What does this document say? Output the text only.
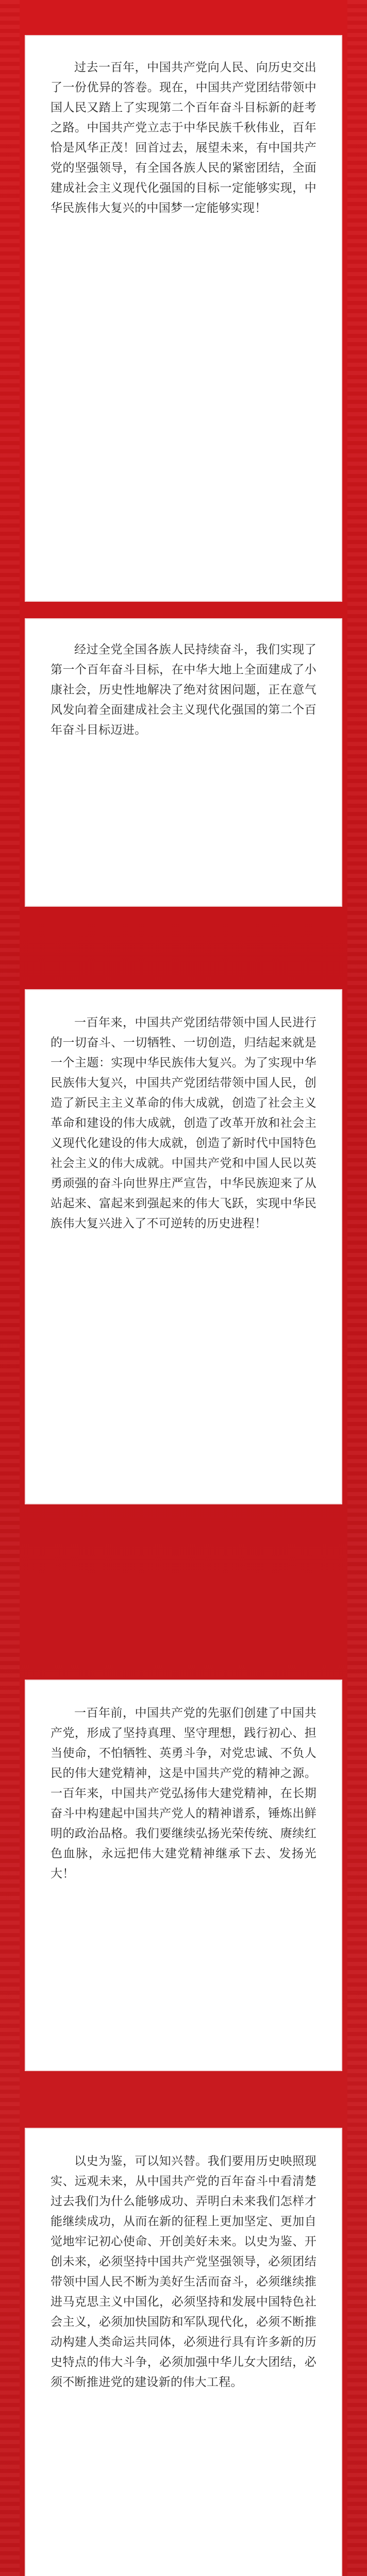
过去一百年，中国共产党向人民、向历史交出了一份优异的答卷。现在，中国共产党团结带领中国人民又踏上了实现第二个百年奋斗目标新的赶考之路。中国共产党立志于中华民族千秋伟业，百年恰是风华正茂！回首过去，展望未来，有中国共产党的坚强领导，有全国各族人民的紧密团结，全面建成社会主义现代化强国的目标一定能够实现，中华民族伟大复兴的中国梦一定能够实现！

经过全党全国各族人民持续奋斗，我们实现了第一个百年奋斗目标，在中华大地上全面建成了小康社会，历史性地解决了绝对贫困问题，正在意气风发向着全面建成社会主义现代化强国的第二个百年奋斗目标迈进。

一百年来，中国共产党团结带领中国人民进行的一切奋斗、一切牺牲、一切创造，归结起来就是一个主题：实现中华民族伟大复兴。为了实现中华民族伟大复兴，中国共产党团结带领中国人民，创造了新民主主义革命的伟大成就，创造了社会主义革命和建设的伟大成就，创造了改革开放和社会主义现代化建设的伟大成就，创造了新时代中国特色社会主义的伟大成就。中国共产党和中国人民以英勇顽强的奋斗向世界庄严宣告，中华民族迎来了从站起来、富起来到强起来的伟大飞跃，实现中华民族伟大复兴进入了不可逆转的历史进程！

一百年前，中国共产党的先驱们创建了中国共产党，形成了坚持真理、坚守理想，践行初心、担当使命，不怕牺牲、英勇斗争，对党忠诚、不负人民的伟大建党精神，这是中国共产党的精神之源。一百年来，中国共产党弘扬伟大建党精神，在长期奋斗中构建起中国共产党人的精神谱系，锤炼出鲜明的政治品格。我们要继续弘扬光荣传统、赓续红色血脉，永远把伟大建党精神继承下去、发扬光大！

以史为鉴，可以知兴替。我们要用历史映照现实、远观未来，从中国共产党的百年奋斗中看清楚过去我们为什么能够成功、弄明白未来我们怎样才能继续成功，从而在新的征程上更加坚定、更加自觉地牢记初心使命、开创美好未来。以史为鉴、开创未来，必须坚持中国共产党坚强领导，必须团结带领中国人民不断为美好生活而奋斗，必须继续推进马克思主义中国化，必须坚持和发展中国特色社会主义，必须加快国防和军队现代化，必须不断推动构建人类命运共同体，必须进行具有许多新的历史特点的伟大斗争，必须加强中华儿女大团结，必须不断推进党的建设新的伟大工程。
